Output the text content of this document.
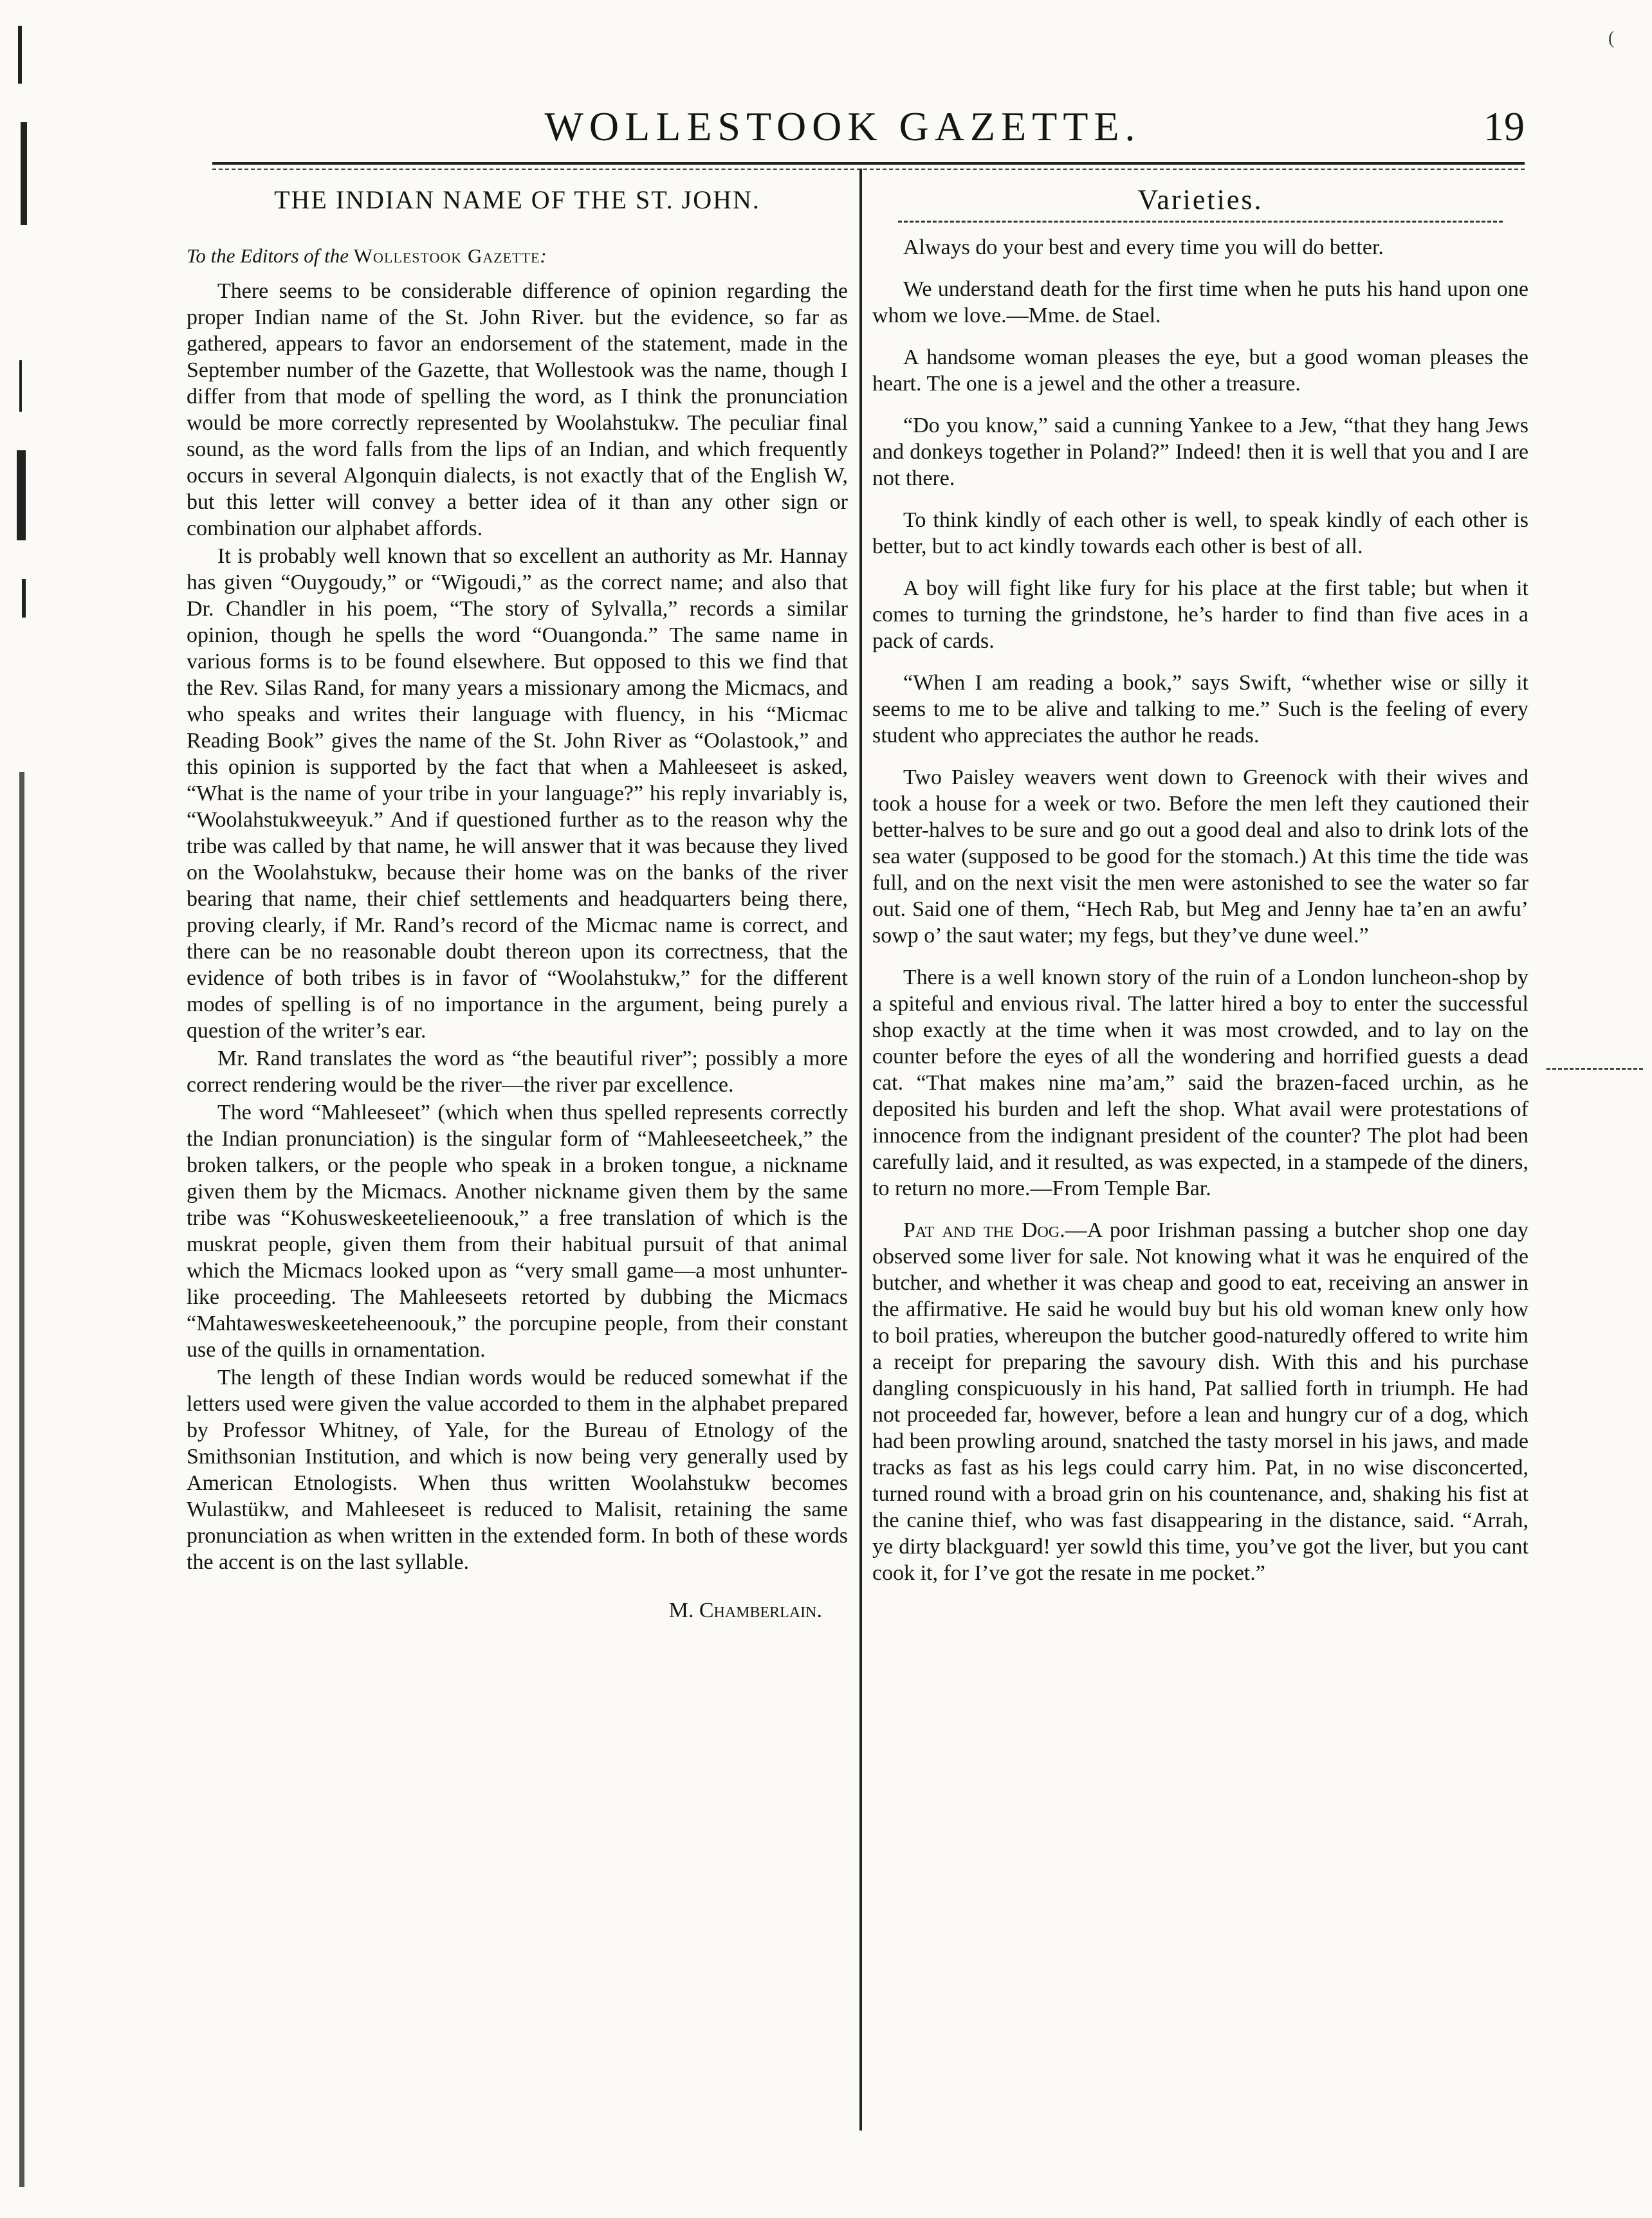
(
WOLLESTOOK GAZETTE.	19
THE INDIAN NAME OF THE ST. JOHN.
To the Editors of the Wollestook Gazette:

There seems to be considerable difference of opinion regarding the proper Indian name of the St. John River. but the evidence, so far as gathered, appears to favor an endorsement of the statement, made in the September number of the Gazette, that Wollestook was the name, though I differ from that mode of spelling the word, as I think the pronunciation would be more correctly represented by Woolahstukw. The peculiar final sound, as the word falls from the lips of an Indian, and which frequently occurs in several Algonquin dialects, is not exactly that of the English W, but this letter will convey a better idea of it than any other sign or combination our alphabet affords.

It is probably well known that so excellent an authority as Mr. Hannay has given “Ouygoudy,” or “Wigoudi,” as the correct name; and also that Dr. Chandler in his poem, “The story of Sylvalla,” records a similar opinion, though he spells the word “Ouangonda.” The same name in various forms is to be found elsewhere. But opposed to this we find that the Rev. Silas Rand, for many years a missionary among the Micmacs, and who speaks and writes their language with fluency, in his “Micmac Reading Book” gives the name of the St. John River as “Oolastook,” and this opinion is supported by the fact that when a Mahleeseet is asked, “What is the name of your tribe in your language?” his reply invariably is, “Woolahstukweeyuk.” And if questioned further as to the reason why the tribe was called by that name, he will answer that it was because they lived on the Woolahstukw, because their home was on the banks of the river bearing that name, their chief settlements and headquarters being there, proving clearly, if Mr. Rand’s record of the Micmac name is correct, and there can be no reasonable doubt thereon upon its correctness, that the evidence of both tribes is in favor of “Woolahstukw,” for the different modes of spelling is of no importance in the argument, being purely a question of the writer’s ear.

Mr. Rand translates the word as “the beautiful river”; possibly a more correct rendering would be the river—the river par excellence.

The word “Mahleeseet” (which when thus spelled represents correctly the Indian pronunciation) is the singular form of “Mahleeseetcheek,” the broken talkers, or the people who speak in a broken tongue, a nickname given them by the Micmacs. Another nickname given them by the same tribe was “Kohusweskeetelieenoouk,” a free translation of which is the muskrat people, given them from their habitual pursuit of that animal which the Micmacs looked upon as “very small game—a most unhunter-like proceeding. The Mahleeseets retorted by dubbing the Micmacs “Mahtawesweskeeteheenoouk,” the porcupine people, from their constant use of the quills in ornamentation.

The length of these Indian words would be reduced somewhat if the letters used were given the value accorded to them in the alphabet prepared by Professor Whitney, of Yale, for the Bureau of Etnology of the Smithsonian Institution, and which is now being very generally used by American Etnologists. When thus written Woolahstukw becomes Wulastükw, and Mahleeseet is reduced to Malisit, retaining the same pronunciation as when written in the extended form. In both of these words the accent is on the last syllable.

M. Chamberlain.

Varieties.

Always do your best and every time you will do better.

We understand death for the first time when he puts his hand upon one whom we love.—Mme. de Stael.

A handsome woman pleases the eye, but a good woman pleases the heart. The one is a jewel and the other a treasure.

“Do you know,” said a cunning Yankee to a Jew, “that they hang Jews and donkeys together in Poland?” Indeed! then it is well that you and I are not there.

To think kindly of each other is well, to speak kindly of each other is better, but to act kindly towards each other is best of all.

A boy will fight like fury for his place at the first table; but when it comes to turning the grindstone, he’s harder to find than five aces in a pack of cards.

“When I am reading a book,” says Swift, “whether wise or silly it seems to me to be alive and talking to me.” Such is the feeling of every student who appreciates the author he reads.

Two Paisley weavers went down to Greenock with their wives and took a house for a week or two. Before the men left they cautioned their better-halves to be sure and go out a good deal and also to drink lots of the sea water (supposed to be good for the stomach.) At this time the tide was full, and on the next visit the men were astonished to see the water so far out. Said one of them, “Hech Rab, but Meg and Jenny hae ta’en an awfu’ sowp o’ the saut water; my fegs, but they’ve dune weel.”

There is a well known story of the ruin of a London luncheon-shop by a spiteful and envious rival. The latter hired a boy to enter the successful shop exactly at the time when it was most crowded, and to lay on the counter before the eyes of all the wondering and horrified guests a dead cat. “That makes nine ma’am,” said the brazen-faced urchin, as he deposited his burden and left the shop. What avail were protestations of innocence from the indignant president of the counter? The plot had been carefully laid, and it resulted, as was expected, in a stampede of the diners, to return no more.—From Temple Bar.

Pat and the Dog.—A poor Irishman passing a butcher shop one day observed some liver for sale. Not knowing what it was he enquired of the butcher, and whether it was cheap and good to eat, receiving an answer in the affirmative. He said he would buy but his old woman knew only how to boil praties, whereupon the butcher good-naturedly offered to write him a receipt for preparing the savoury dish. With this and his purchase dangling conspicuously in his hand, Pat sallied forth in triumph. He had not proceeded far, however, before a lean and hungry cur of a dog, which had been prowling around, snatched the tasty morsel in his jaws, and made tracks as fast as his legs could carry him. Pat, in no wise disconcerted, turned round with a broad grin on his countenance, and, shaking his fist at the canine thief, who was fast disappearing in the distance, said. “Arrah, ye dirty blackguard! yer sowld this time, you’ve got the liver, but you cant cook it, for I’ve got the resate in me pocket.”
